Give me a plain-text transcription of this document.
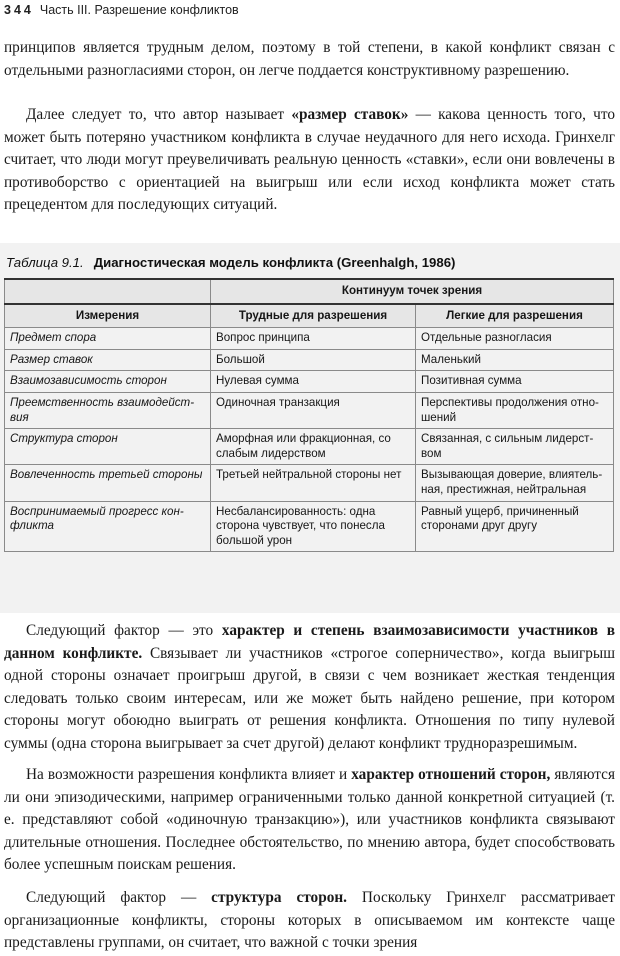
344 Часть III. Разрешение конфликтов
принципов является трудным делом, поэтому в той степени, в какой конфликт связан с отдельными разногласиями сторон, он легче поддается конструктивному разрешению.
Далее следует то, что автор называет «размер ставок» — какова ценность того, что может быть потеряно участником конфликта в случае неудачного для него исхода. Гринхелг считает, что люди могут преувеличивать реальную ценность «ставки», если они вовлечены в противоборство с ориентацией на выигрыш или если исход конфликта может стать прецедентом для последующих ситуаций.
Таблица 9.1. Диагностическая модель конфликта (Greenhalgh, 1986)
	Континуум точек зрения	
Измерения	Трудные для разрешения	Легкие для разрешения
Предмет спора	Вопрос принципа	Отдельные разногласия
Размер ставок	Большой	Маленький
Взаимозависимость сторон	Нулевая сумма	Позитивная сумма
Преемственность взаимодействия	Одиночная транзакция	Перспективы продолжения отношений
Структура сторон	Аморфная или фракционная, со слабым лидерством	Связанная, с сильным лидерством
Вовлеченность третьей стороны	Третьей нейтральной стороны нет	Вызывающая доверие, влиятельная, престижная, нейтральная
Воспринимаемый прогресс конфликта	Несбалансированность: одна сторона чувствует, что понесла большой урон	Равный ущерб, причиненный сторонами друг другу
Следующий фактор — это характер и степень взаимозависимости участников в данном конфликте. Связывает ли участников «строгое соперничество», когда выигрыш одной стороны означает проигрыш другой, в связи с чем возникает жесткая тенденция следовать только своим интересам, или же может быть найдено решение, при котором стороны могут обоюдно выиграть от решения конфликта. Отношения по типу нулевой суммы (одна сторона выигрывает за счет другой) делают конфликт трудноразрешимым.
На возможности разрешения конфликта влияет и характер отношений сторон, являются ли они эпизодическими, например ограниченными только данной конкретной ситуацией (т. е. представляют собой «одиночную транзакцию»), или участников конфликта связывают длительные отношения. Последнее обстоятельство, по мнению автора, будет способствовать более успешным поискам решения.
Следующий фактор — структура сторон. Поскольку Гринхелг рассматривает организационные конфликты, стороны которых в описываемом им контексте чаще представлены группами, он считает, что важной с точки зрения
